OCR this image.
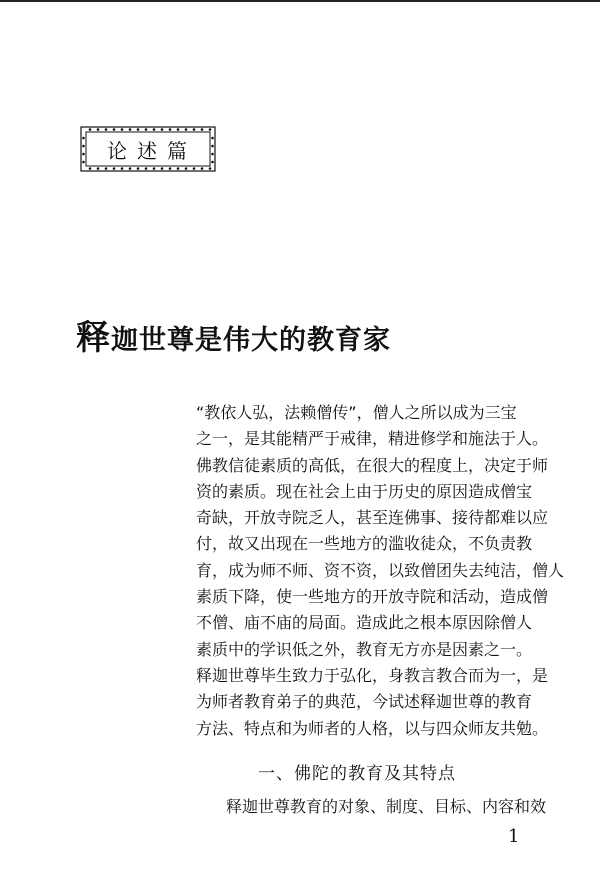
论述篇
释迦世尊是伟大的教育家
“教依人弘，法赖僧传”，僧人之所以成为三宝
之一，是其能精严于戒律，精进修学和施法于人。
佛教信徒素质的高低，在很大的程度上，决定于师
资的素质。现在社会上由于历史的原因造成僧宝
奇缺，开放寺院乏人，甚至连佛事、接待都难以应
付，故又出现在一些地方的滥收徒众，不负责教
育，成为师不师、资不资，以致僧团失去纯洁，僧人
素质下降，使一些地方的开放寺院和活动，造成僧
不僧、庙不庙的局面。造成此之根本原因除僧人
素质中的学识低之外，教育无方亦是因素之一。
释迦世尊毕生致力于弘化，身教言教合而为一，是
为师者教育弟子的典范，今试述释迦世尊的教育
方法、特点和为师者的人格，以与四众师友共勉。
一、佛陀的教育及其特点
释迦世尊教育的对象、制度、目标、内容和效
1
